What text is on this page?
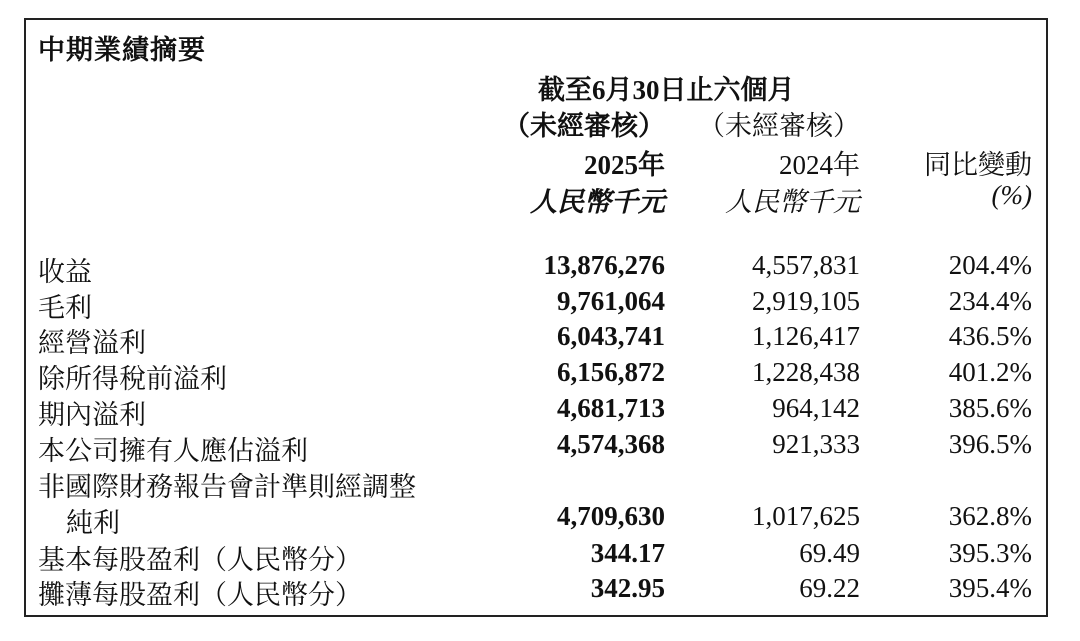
中期業績摘要
截至6月30日止六個月
（未經審核） （未經審核）
2025年	2024年	同比變動
人民幣千元	人民幣千元	(%)
收益	13,876,276	4,557,831	204.4%
毛利	9,761,064	2,919,105	234.4%
經營溢利	6,043,741	1,126,417	436.5%
除所得稅前溢利	6,156,872	1,228,438	401.2%
期內溢利	4,681,713	964,142	385.6%
本公司擁有人應佔溢利	4,574,368	921,333	396.5%
非國際財務報告會計準則經調整
純利	4,709,630	1,017,625	362.8%
基本每股盈利（人民幣分）	344.17	69.49	395.3%
攤薄每股盈利（人民幣分）	342.95	69.22	395.4%
